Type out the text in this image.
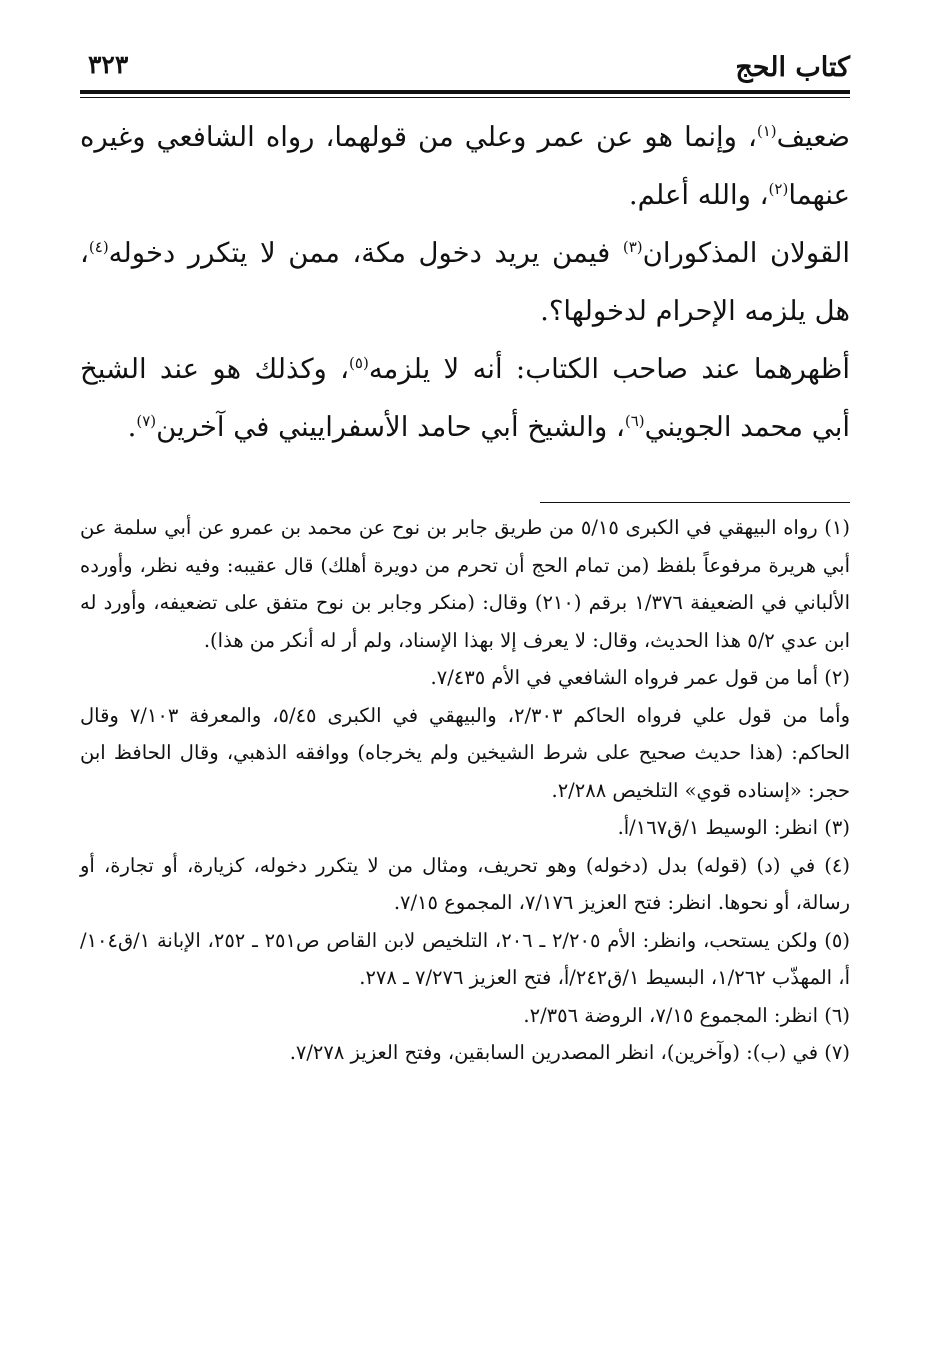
كتاب الحج
٣٢٣

ضعيف$^{(١)}$، وإنما هو عن عمر وعلي من قولهما، رواه الشافعي وغيره عنهما$^{(٢)}$، والله أعلم.

القولان المذكوران$^{(٣)}$ فيمن يريد دخول مكة، ممن لا يتكرر دخوله$^{(٤)}$، هل يلزمه الإحرام لدخولها؟.

أظهرهما عند صاحب الكتاب: أنه لا يلزمه$^{(٥)}$، وكذلك هو عند الشيخ أبي محمد الجويني$^{(٦)}$، والشيخ أبي حامد الأسفراييني في آخرين$^{(٧)}$.

(١) رواه البيهقي في الكبرى ٥/١٥ من طريق جابر بن نوح عن محمد بن عمرو عن أبي سلمة عن أبي هريرة مرفوعاً بلفظ (من تمام الحج أن تحرم من دويرة أهلك) قال عقيبه: وفيه نظر، وأورده الألباني في الضعيفة ١/٣٧٦ برقم (٢١٠) وقال: (منكر وجابر بن نوح متفق على تضعيفه، وأورد له ابن عدي ٥/٢ هذا الحديث، وقال: لا يعرف إلا بهذا الإسناد، ولم أر له أنكر من هذا).
(٢) أما من قول عمر فرواه الشافعي في الأم ٧/٤٣٥.
وأما من قول علي فرواه الحاكم ٢/٣٠٣، والبيهقي في الكبرى ٥/٤٥، والمعرفة ٧/١٠٣ وقال الحاكم: (هذا حديث صحيح على شرط الشيخين ولم يخرجاه) ووافقه الذهبي، وقال الحافظ ابن حجر: «إسناده قوي» التلخيص ٢/٢٨٨.
(٣) انظر: الوسيط ١/ق١٦٧/أ.
(٤) في (د) (قوله) بدل (دخوله) وهو تحريف، ومثال من لا يتكرر دخوله، كزيارة، أو تجارة، أو رسالة، أو نحوها. انظر: فتح العزيز ٧/١٧٦، المجموع ٧/١٥.
(٥) ولكن يستحب، وانظر: الأم ٢/٢٠٥ ـ ٢٠٦، التلخيص لابن القاص ص٢٥١ ـ ٢٥٢، الإبانة ١/ق١٠٤/أ، المهذّب ١/٢٦٢، البسيط ١/ق٢٤٢/أ، فتح العزيز ٧/٢٧٦ ـ ٢٧٨.
(٦) انظر: المجموع ٧/١٥، الروضة ٢/٣٥٦.
(٧) في (ب): (وآخرين)، انظر المصدرين السابقين، وفتح العزيز ٧/٢٧٨.
